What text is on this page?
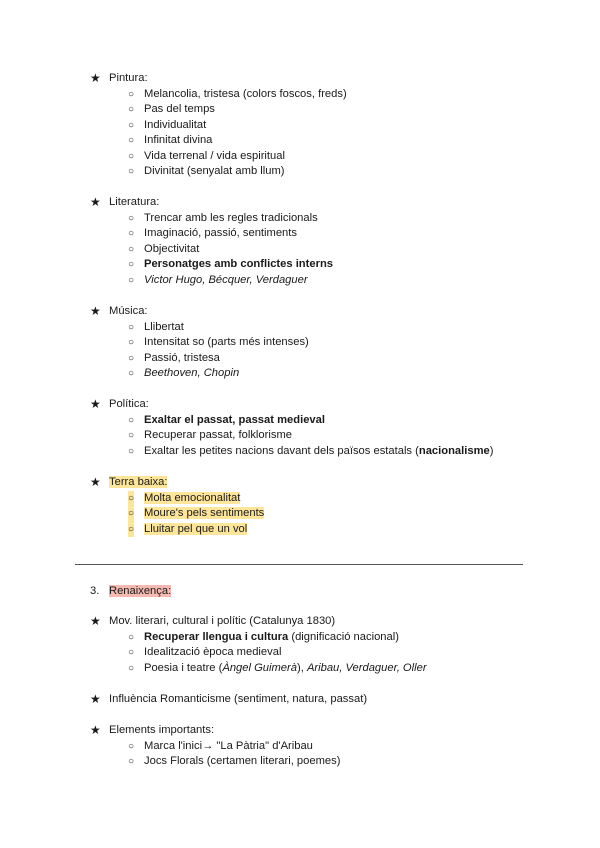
★ Pintura:
○ Melancolia, tristesa (colors foscos, freds)
○ Pas del temps
○ Individualitat
○ Infinitat divina
○ Vida terrenal / vida espiritual
○ Divinitat (senyalat amb llum)
★ Literatura:
○ Trencar amb les regles tradicionals
○ Imaginació, passió, sentiments
○ Objectivitat
○ Personatges amb conflictes interns
○ Victor Hugo, Bécquer, Verdaguer
★ Música:
○ Llibertat
○ Intensitat so (parts més intenses)
○ Passió, tristesa
○ Beethoven, Chopin
★ Política:
○ Exaltar el passat, passat medieval
○ Recuperar passat, folklorisme
○ Exaltar les petites nacions davant dels països estatals (nacionalisme)
★ Terra baixa:
○ Molta emocionalitat
○ Moure's pels sentiments
○ Lluitar pel que un vol
3. Renaixença:
★ Mov. literari, cultural i polític (Catalunya 1830)
○ Recuperar llengua i cultura (dignificació nacional)
○ Idealització època medieval
○ Poesia i teatre (Àngel Guimerà), Aribau, Verdaguer, Oller
★ Influència Romanticisme (sentiment, natura, passat)
★ Elements importants:
○ Marca l'inici→ "La Pàtria" d'Aribau
○ Jocs Florals (certamen literari, poemes)
